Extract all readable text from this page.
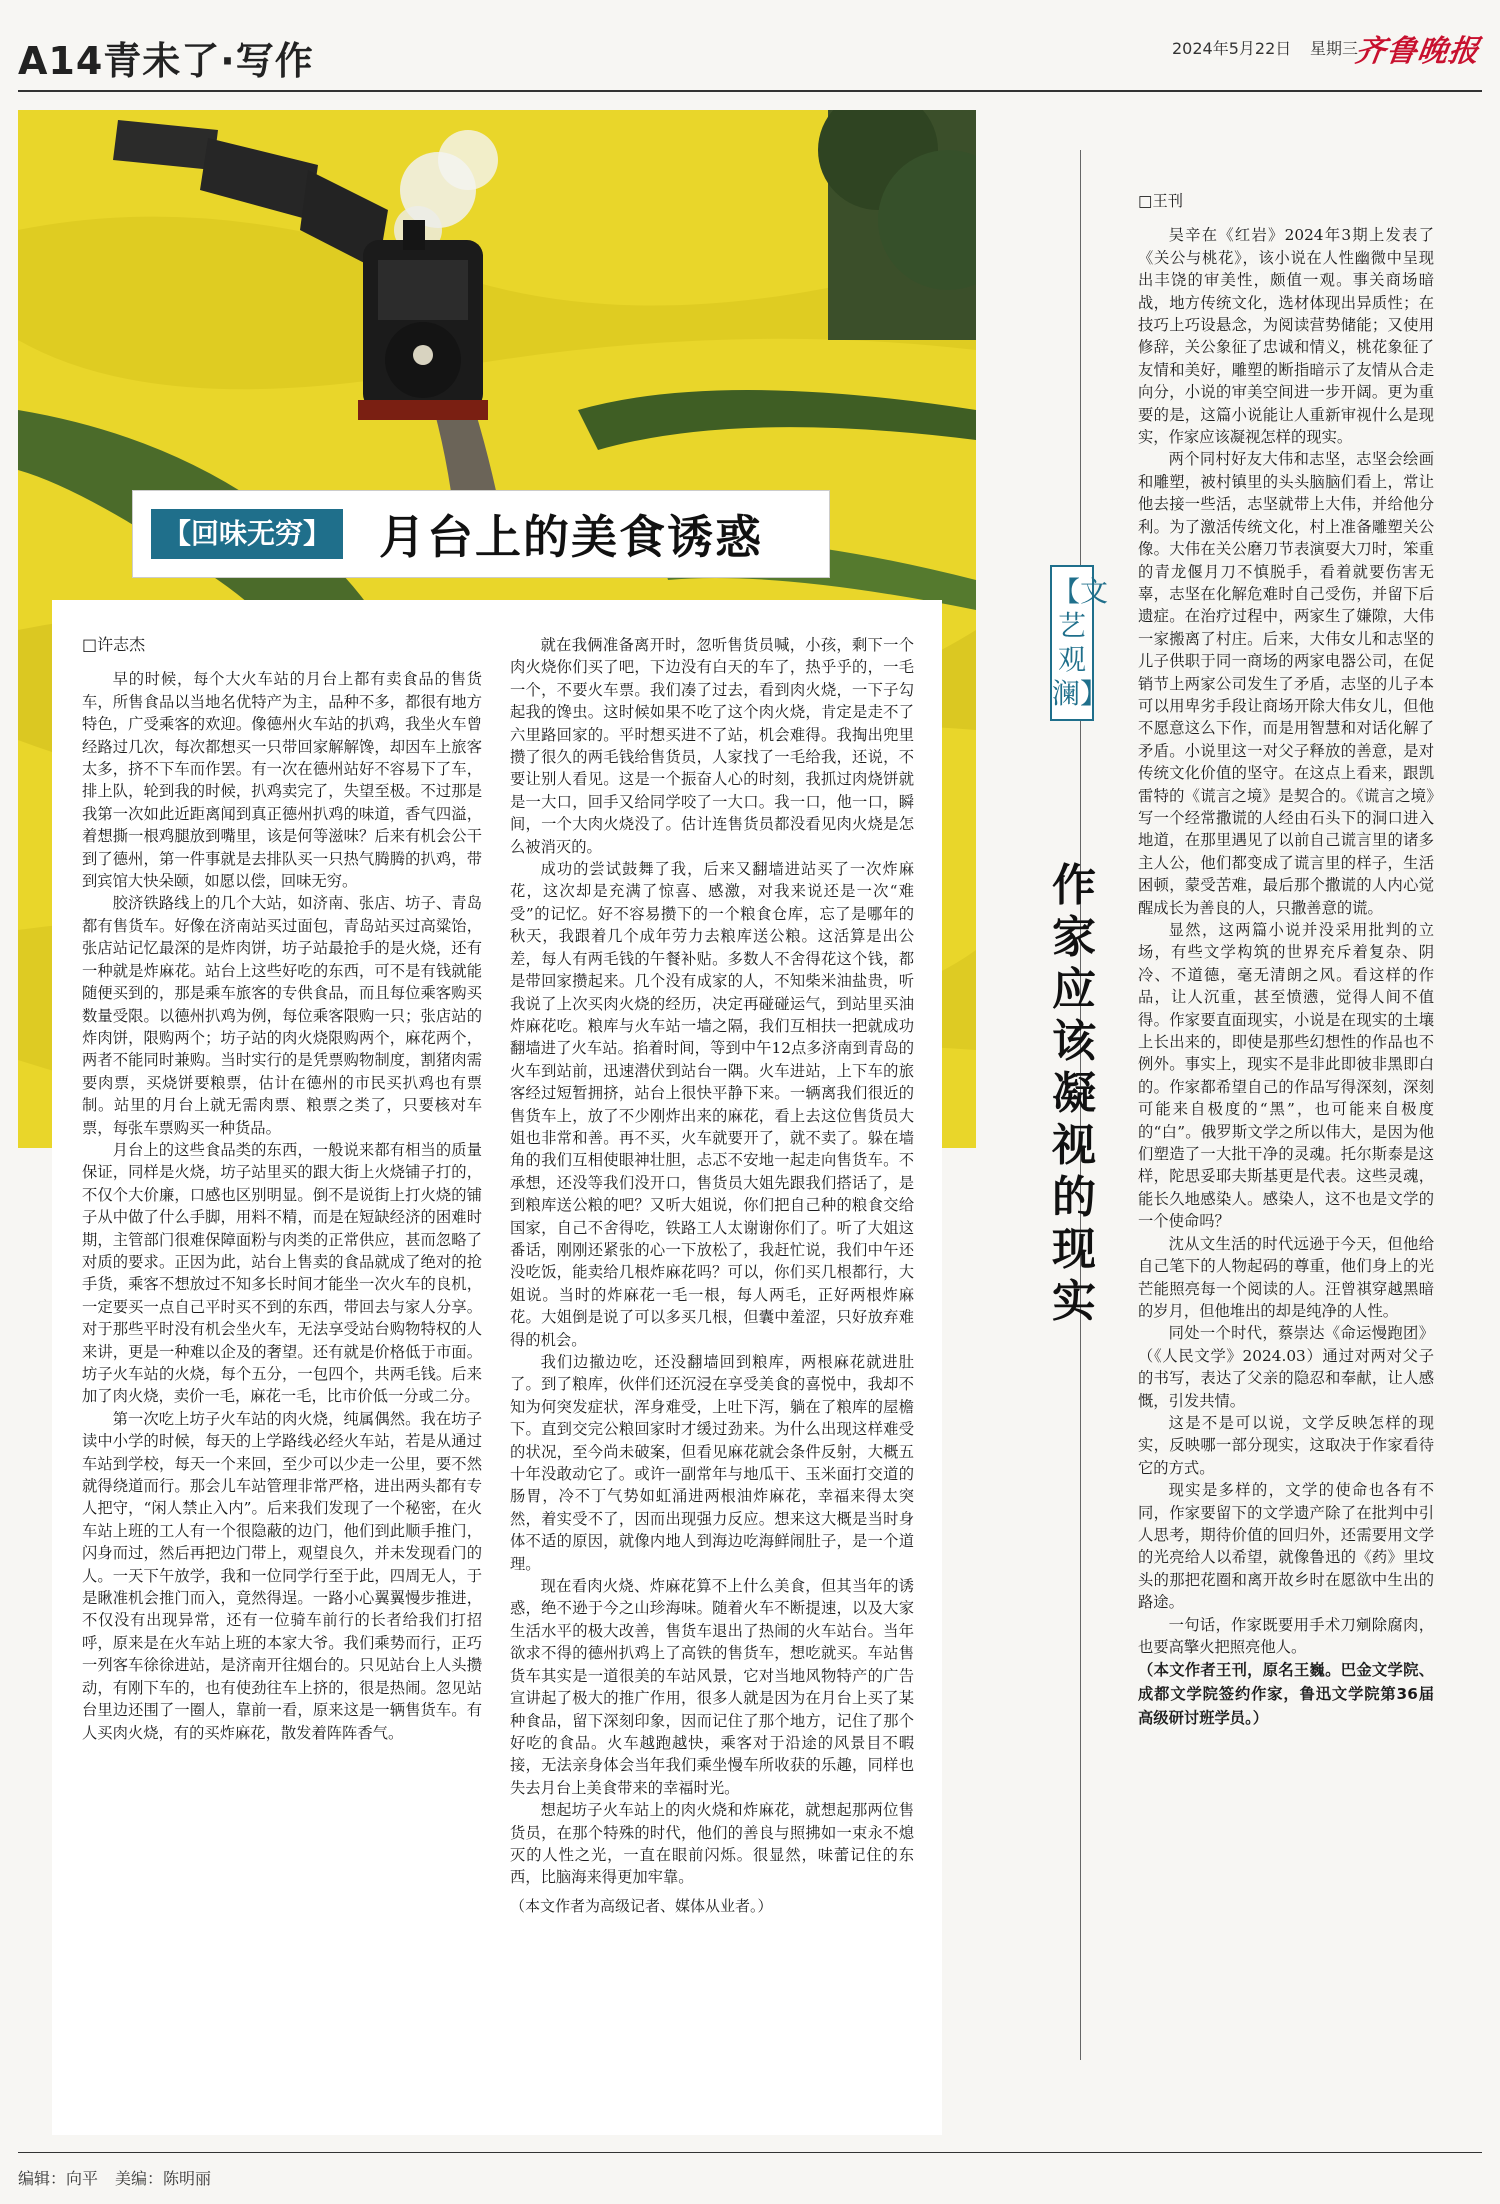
A14青未了·写作	2024年5月22日 星期三
齐鲁晚报
【回味无穷】 月台上的美食诱惑

□许志杰

早的时候，每个大火车站的月台上都有卖食品的售货车，所售食品以当地名优特产为主，品种不多，都很有地方特色，广受乘客的欢迎。像德州火车站的扒鸡，我坐火车曾经路过几次，每次都想买一只带回家解解馋，却因车上旅客太多，挤不下车而作罢。有一次在德州站好不容易下了车，排上队，轮到我的时候，扒鸡卖完了，失望至极。不过那是我第一次如此近距离闻到真正德州扒鸡的味道，香气四溢，着想撕一根鸡腿放到嘴里，该是何等滋味？后来有机会公干到了德州，第一件事就是去排队买一只热气腾腾的扒鸡，带到宾馆大快朵颐，如愿以偿，回味无穷。

胶济铁路线上的几个大站，如济南、张店、坊子、青岛都有售货车。好像在济南站买过面包，青岛站买过高粱饴，张店站记忆最深的是炸肉饼，坊子站最抢手的是火烧，还有一种就是炸麻花。站台上这些好吃的东西，可不是有钱就能随便买到的，那是乘车旅客的专供食品，而且每位乘客购买数量受限。以德州扒鸡为例，每位乘客限购一只；张店站的炸肉饼，限购两个；坊子站的肉火烧限购两个，麻花两个，两者不能同时兼购。当时实行的是凭票购物制度，割猪肉需要肉票，买烧饼要粮票，估计在德州的市民买扒鸡也有票制。站里的月台上就无需肉票、粮票之类了，只要核对车票，每张车票购买一种货品。

月台上的这些食品类的东西，一般说来都有相当的质量保证，同样是火烧，坊子站里买的跟大街上火烧铺子打的，不仅个大价廉，口感也区别明显。倒不是说街上打火烧的铺子从中做了什么手脚，用料不精，而是在短缺经济的困难时期，主管部门很难保障面粉与肉类的正常供应，甚而忽略了对质的要求。正因为此，站台上售卖的食品就成了绝对的抢手货，乘客不想放过不知多长时间才能坐一次火车的良机，一定要买一点自己平时买不到的东西，带回去与家人分享。对于那些平时没有机会坐火车，无法享受站台购物特权的人来讲，更是一种难以企及的奢望。还有就是价格低于市面。坊子火车站的火烧，每个五分，一包四个，共两毛钱。后来加了肉火烧，卖价一毛，麻花一毛，比市价低一分或二分。

第一次吃上坊子火车站的肉火烧，纯属偶然。我在坊子读中小学的时候，每天的上学路线必经火车站，若是从通过车站到学校，每天一个来回，至少可以少走一公里，要不然就得绕道而行。那会儿车站管理非常严格，进出两头都有专人把守，“闲人禁止入内”。后来我们发现了一个秘密，在火车站上班的工人有一个很隐蔽的边门，他们到此顺手推门，闪身而过，然后再把边门带上，观望良久，并未发现看门的人。一天下午放学，我和一位同学行至于此，四周无人，于是瞅准机会推门而入，竟然得逞。一路小心翼翼慢步推进，不仅没有出现异常，还有一位骑车前行的长者给我们打招呼，原来是在火车站上班的本家大爷。我们乘势而行，正巧一列客车徐徐进站，是济南开往烟台的。只见站台上人头攒动，有刚下车的，也有使劲往车上挤的，很是热闹。忽见站台里边还围了一圈人，靠前一看，原来这是一辆售货车。有人买肉火烧，有的买炸麻花，散发着阵阵香气。

就在我俩准备离开时，忽听售货员喊，小孩，剩下一个肉火烧你们买了吧，下边没有白天的车了，热乎乎的，一毛一个，不要火车票。我们凑了过去，看到肉火烧，一下子勾起我的馋虫。这时候如果不吃了这个肉火烧，肯定是走不了六里路回家的。平时想买进不了站，机会难得。我掏出兜里攒了很久的两毛钱给售货员，人家找了一毛给我，还说，不要让别人看见。这是一个振奋人心的时刻，我抓过肉烧饼就是一大口，回手又给同学咬了一大口。我一口，他一口，瞬间，一个大肉火烧没了。估计连售货员都没看见肉火烧是怎么被消灭的。

成功的尝试鼓舞了我，后来又翻墙进站买了一次炸麻花，这次却是充满了惊喜、感激，对我来说还是一次“难受”的记忆。好不容易攒下的一个粮食仓库，忘了是哪年的秋天，我跟着几个成年劳力去粮库送公粮。这活算是出公差，每人有两毛钱的午餐补贴。多数人不舍得花这个钱，都是带回家攒起来。几个没有成家的人，不知柴米油盐贵，听我说了上次买肉火烧的经历，决定再碰碰运气，到站里买油炸麻花吃。粮库与火车站一墙之隔，我们互相扶一把就成功翻墙进了火车站。掐着时间，等到中午12点多济南到青岛的火车到站前，迅速潜伏到站台一隅。火车进站，上下车的旅客经过短暂拥挤，站台上很快平静下来。一辆离我们很近的售货车上，放了不少刚炸出来的麻花，看上去这位售货员大姐也非常和善。再不买，火车就要开了，就不卖了。躲在墙角的我们互相使眼神壮胆，忐忑不安地一起走向售货车。不承想，还没等我们没开口，售货员大姐先跟我们搭话了，是到粮库送公粮的吧？又听大姐说，你们把自己种的粮食交给国家，自己不舍得吃，铁路工人太谢谢你们了。听了大姐这番话，刚刚还紧张的心一下放松了，我赶忙说，我们中午还没吃饭，能卖给几根炸麻花吗？可以，你们买几根都行，大姐说。当时的炸麻花一毛一根，每人两毛，正好两根炸麻花。大姐倒是说了可以多买几根，但囊中羞涩，只好放弃难得的机会。

我们边撤边吃，还没翻墙回到粮库，两根麻花就进肚了。到了粮库，伙伴们还沉浸在享受美食的喜悦中，我却不知为何突发症状，浑身难受，上吐下泻，躺在了粮库的屋檐下。直到交完公粮回家时才缓过劲来。为什么出现这样难受的状况，至今尚未破案，但看见麻花就会条件反射，大概五十年没敢动它了。或许一副常年与地瓜干、玉米面打交道的肠胃，冷不丁气势如虹涌进两根油炸麻花，幸福来得太突然，着实受不了，因而出现强力反应。想来这大概是当时身体不适的原因，就像内地人到海边吃海鲜闹肚子，是一个道理。

现在看肉火烧、炸麻花算不上什么美食，但其当年的诱惑，绝不逊于今之山珍海味。随着火车不断提速，以及大家生活水平的极大改善，售货车退出了热闹的火车站台。当年欲求不得的德州扒鸡上了高铁的售货车，想吃就买。车站售货车其实是一道很美的车站风景，它对当地风物特产的广告宣讲起了极大的推广作用，很多人就是因为在月台上买了某种食品，留下深刻印象，因而记住了那个地方，记住了那个好吃的食品。火车越跑越快，乘客对于沿途的风景目不暇接，无法亲身体会当年我们乘坐慢车所收获的乐趣，同样也失去月台上美食带来的幸福时光。

想起坊子火车站上的肉火烧和炸麻花，就想起那两位售货员，在那个特殊的时代，他们的善良与照拂如一束永不熄灭的人性之光，一直在眼前闪烁。很显然，味蕾记住的东西，比脑海来得更加牢靠。

（本文作者为高级记者、媒体从业者。）

□王刊

吴辛在《红岩》2024年3期上发表了《关公与桃花》，该小说在人性幽微中呈现出丰饶的审美性，颇值一观。事关商场暗战，地方传统文化，选材体现出异质性；在技巧上巧设悬念，为阅读营势储能；又使用修辞，关公象征了忠诚和情义，桃花象征了友情和美好，雕塑的断指暗示了友情从合走向分，小说的审美空间进一步开阔。更为重要的是，这篇小说能让人重新审视什么是现实，作家应该凝视怎样的现实。

两个同村好友大伟和志坚，志坚会绘画和雕塑，被村镇里的头头脑脑们看上，常让他去接一些活，志坚就带上大伟，并给他分利。为了激活传统文化，村上准备雕塑关公像。大伟在关公磨刀节表演耍大刀时，笨重的青龙偃月刀不慎脱手，看着就要伤害无辜，志坚在化解危难时自己受伤，并留下后遗症。在治疗过程中，两家生了嫌隙，大伟一家搬离了村庄。后来，大伟女儿和志坚的儿子供职于同一商场的两家电器公司，在促销节上两家公司发生了矛盾，志坚的儿子本可以用卑劣手段让商场开除大伟女儿，但他不愿意这么下作，而是用智慧和对话化解了矛盾。小说里这一对父子释放的善意，是对传统文化价值的坚守。在这点上看来，跟凯雷特的《谎言之境》是契合的。《谎言之境》写一个经常撒谎的人经由石头下的洞口进入地道，在那里遇见了以前自己谎言里的诸多主人公，他们都变成了谎言里的样子，生活困顿，蒙受苦难，最后那个撒谎的人内心觉醒成长为善良的人，只撒善意的谎。

显然，这两篇小说并没采用批判的立场，有些文学构筑的世界充斥着复杂、阴冷、不道德，毫无清朗之风。看这样的作品，让人沉重，甚至愤懑，觉得人间不值得。作家要直面现实，小说是在现实的土壤上长出来的，即使是那些幻想性的作品也不例外。事实上，现实不是非此即彼非黑即白的。作家都希望自己的作品写得深刻，深刻可能来自极度的“黑”，也可能来自极度的“白”。俄罗斯文学之所以伟大，是因为他们塑造了一大批干净的灵魂。托尔斯泰是这样，陀思妥耶夫斯基更是代表。这些灵魂，能长久地感染人。感染人，这不也是文学的一个使命吗？

沈从文生活的时代远逊于今天，但他给自己笔下的人物起码的尊重，他们身上的光芒能照亮每一个阅读的人。汪曾祺穿越黑暗的岁月，但他堆出的却是纯净的人性。

同处一个时代，蔡崇达《命运慢跑团》（《人民文学》2024.03）通过对两对父子的书写，表达了父亲的隐忍和奉献，让人感慨，引发共情。

这是不是可以说，文学反映怎样的现实，反映哪一部分现实，这取决于作家看待它的方式。

现实是多样的，文学的使命也各有不同，作家要留下的文学遗产除了在批判中引人思考，期待价值的回归外，还需要用文学的光亮给人以希望，就像鲁迅的《药》里坟头的那把花圈和离开故乡时在愿欲中生出的路途。

一句话，作家既要用手术刀剜除腐肉，也要高擎火把照亮他人。

（本文作者王刊，原名王巍。巴金文学院、成都文学院签约作家，鲁迅文学院第36届高级研讨班学员。）

【文艺观澜】
作家应该凝视的现实
编辑：向平 美编：陈明丽
